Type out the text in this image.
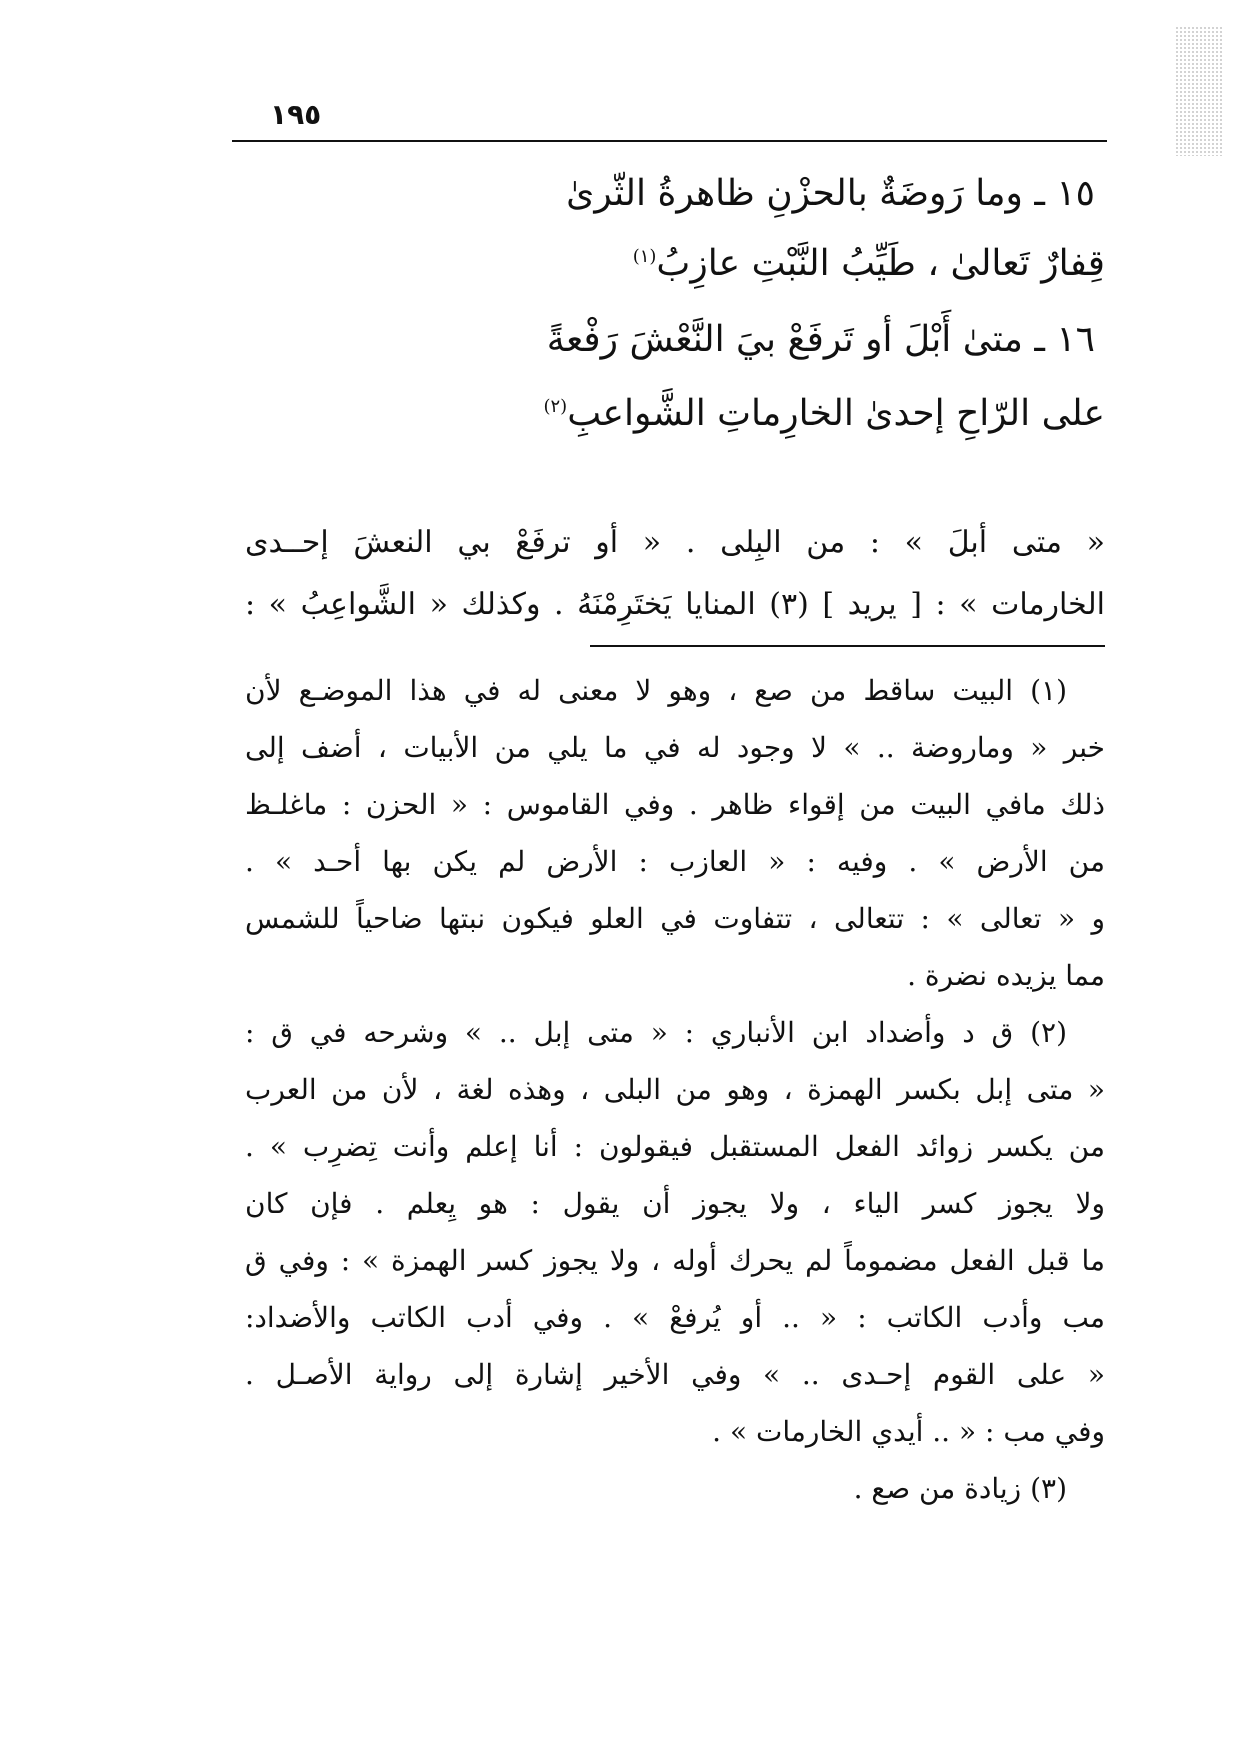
١٩٥
١٥ ـ وما رَوضَةٌ بالحزْنِ ظاهرةُ الثّرىٰ
قِفارٌ تَعالىٰ ، طَيِّبُ النَّبْتِ عازِبُ$^{(١)}$
١٦ ـ متىٰ أَبْلَ أو تَرفَعْ بيَ النَّعْشَ رَفْعةً
على الرّاحِ إحدىٰ الخارِماتِ الشَّواعبِ$^{(٢)}$
« متى أبلَ » : من البِلى . « أو ترفَعْ بي النعشَ إحــدى
الخارمات » : [ يريد ] (٣) المنايا يَختَرِمْنَهُ . وكذلك « الشَّواعِبُ » :
(١) البيت ساقط من صع ، وهو لا معنى له في هذا الموضـع لأن
خبر « وماروضة .. » لا وجود له في ما يلي من الأبيات ، أضف إلى
ذلك مافي البيت من إقواء ظاهر . وفي القاموس : « الحزن : ماغلـظ
من الأرض » . وفيه : « العازب : الأرض لم يكن بها أحـد » .
و « تعالى » : تتعالى ، تتفاوت في العلو فيكون نبتها ضاحياً للشمس
مما يزيده نضرة .
(٢) ق د وأضداد ابن الأنباري : « متى إبل .. » وشرحه في ق :
« متى إبل بكسر الهمزة ، وهو من البلى ، وهذه لغة ، لأن من العرب
من يكسر زوائد الفعل المستقبل فيقولون : أنا إعلم وأنت تِضرِب » .
ولا يجوز كسر الياء ، ولا يجوز أن يقول : هو يِعلم . فإن كان
ما قبل الفعل مضموماً لم يحرك أوله ، ولا يجوز كسر الهمزة » : وفي ق
مب وأدب الكاتب : « .. أو يُرفعْ » . وفي أدب الكاتب والأضداد:
« على القوم إحـدى .. » وفي الأخير إشارة إلى رواية الأصـل .
وفي مب : « .. أيدي الخارمات » .
(٣) زيادة من صع .
